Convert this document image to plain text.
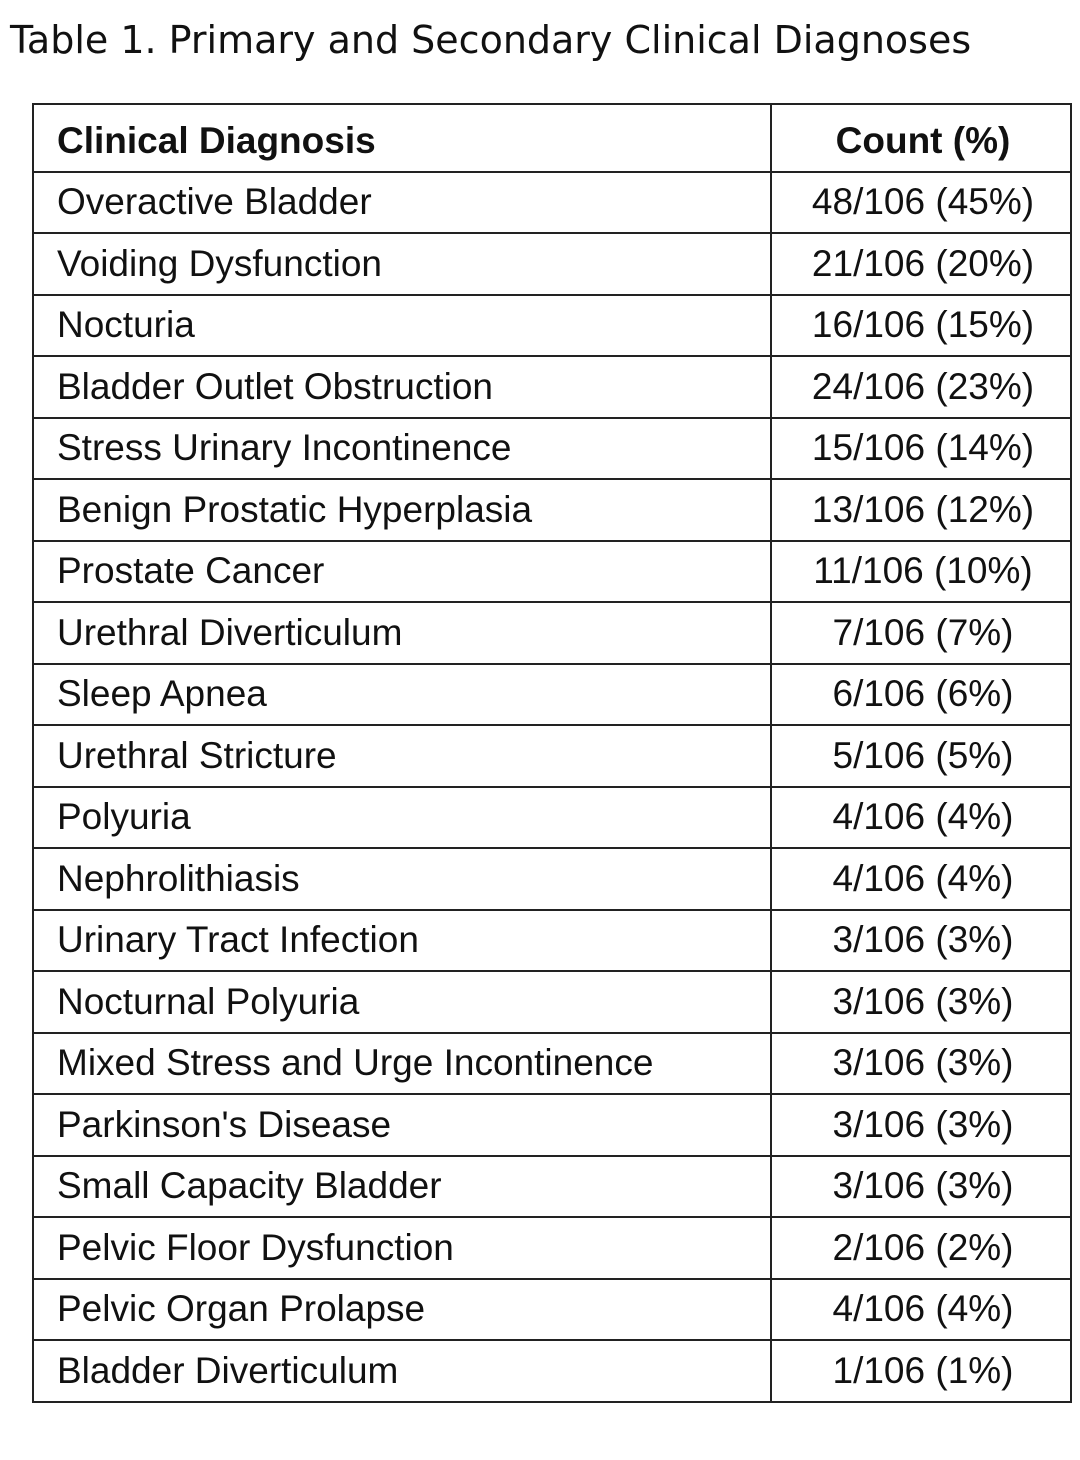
Table 1. Primary and Secondary Clinical Diagnoses
Clinical Diagnosis	Count (%)
Overactive Bladder	48/106 (45%)
Voiding Dysfunction	21/106 (20%)
Nocturia	16/106 (15%)
Bladder Outlet Obstruction	24/106 (23%)
Stress Urinary Incontinence	15/106 (14%)
Benign Prostatic Hyperplasia	13/106 (12%)
Prostate Cancer	11/106 (10%)
Urethral Diverticulum	7/106 (7%)
Sleep Apnea	6/106 (6%)
Urethral Stricture	5/106 (5%)
Polyuria	4/106 (4%)
Nephrolithiasis	4/106 (4%)
Urinary Tract Infection	3/106 (3%)
Nocturnal Polyuria	3/106 (3%)
Mixed Stress and Urge Incontinence	3/106 (3%)
Parkinson's Disease	3/106 (3%)
Small Capacity Bladder	3/106 (3%)
Pelvic Floor Dysfunction	2/106 (2%)
Pelvic Organ Prolapse	4/106 (4%)
Bladder Diverticulum	1/106 (1%)
